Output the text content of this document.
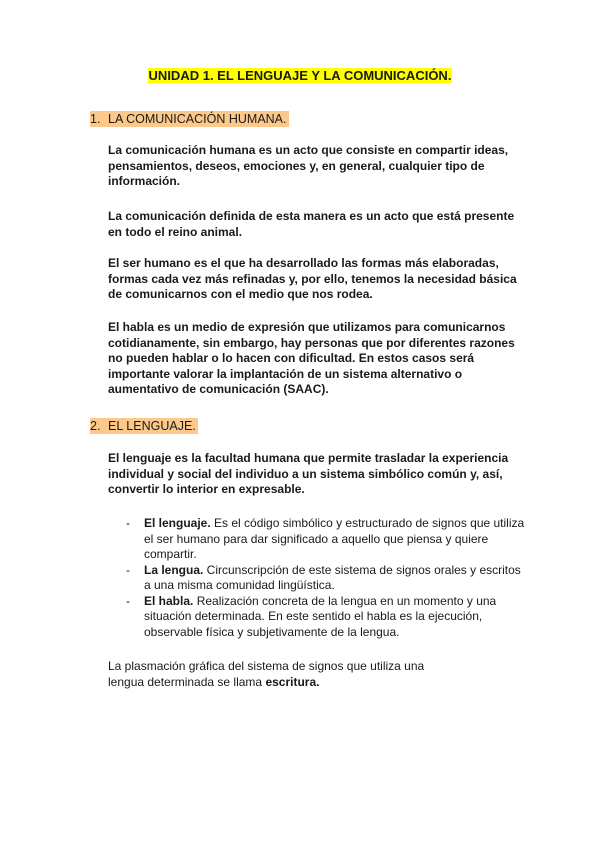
UNIDAD 1. EL LENGUAJE Y LA COMUNICACIÓN.
1. LA COMUNICACIÓN HUMANA.

La comunicación humana es un acto que consiste en compartir ideas, pensamientos, deseos, emociones y, en general, cualquier tipo de información.

La comunicación definida de esta manera es un acto que está presente en todo el reino animal.

El ser humano es el que ha desarrollado las formas más elaboradas, formas cada vez más refinadas y, por ello, tenemos la necesidad básica de comunicarnos con el medio que nos rodea.

El habla es un medio de expresión que utilizamos para comunicarnos cotidianamente, sin embargo, hay personas que por diferentes razones no pueden hablar o lo hacen con dificultad. En estos casos será importante valorar la implantación de un sistema alternativo o aumentativo de comunicación (SAAC).

2. EL LENGUAJE.

El lenguaje es la facultad humana que permite trasladar la experiencia individual y social del individuo a un sistema simbólico común y, así, convertir lo interior en expresable.

- El lenguaje. Es el código simbólico y estructurado de signos que utiliza el ser humano para dar significado a aquello que piensa y quiere compartir.
- La lengua. Circunscripción de este sistema de signos orales y escritos a una misma comunidad lingüística.
- El habla. Realización concreta de la lengua en un momento y una situación determinada. En este sentido el habla es la ejecución, observable física y subjetivamente de la lengua.

La plasmación gráfica del sistema de signos que utiliza una lengua determinada se llama escritura.
